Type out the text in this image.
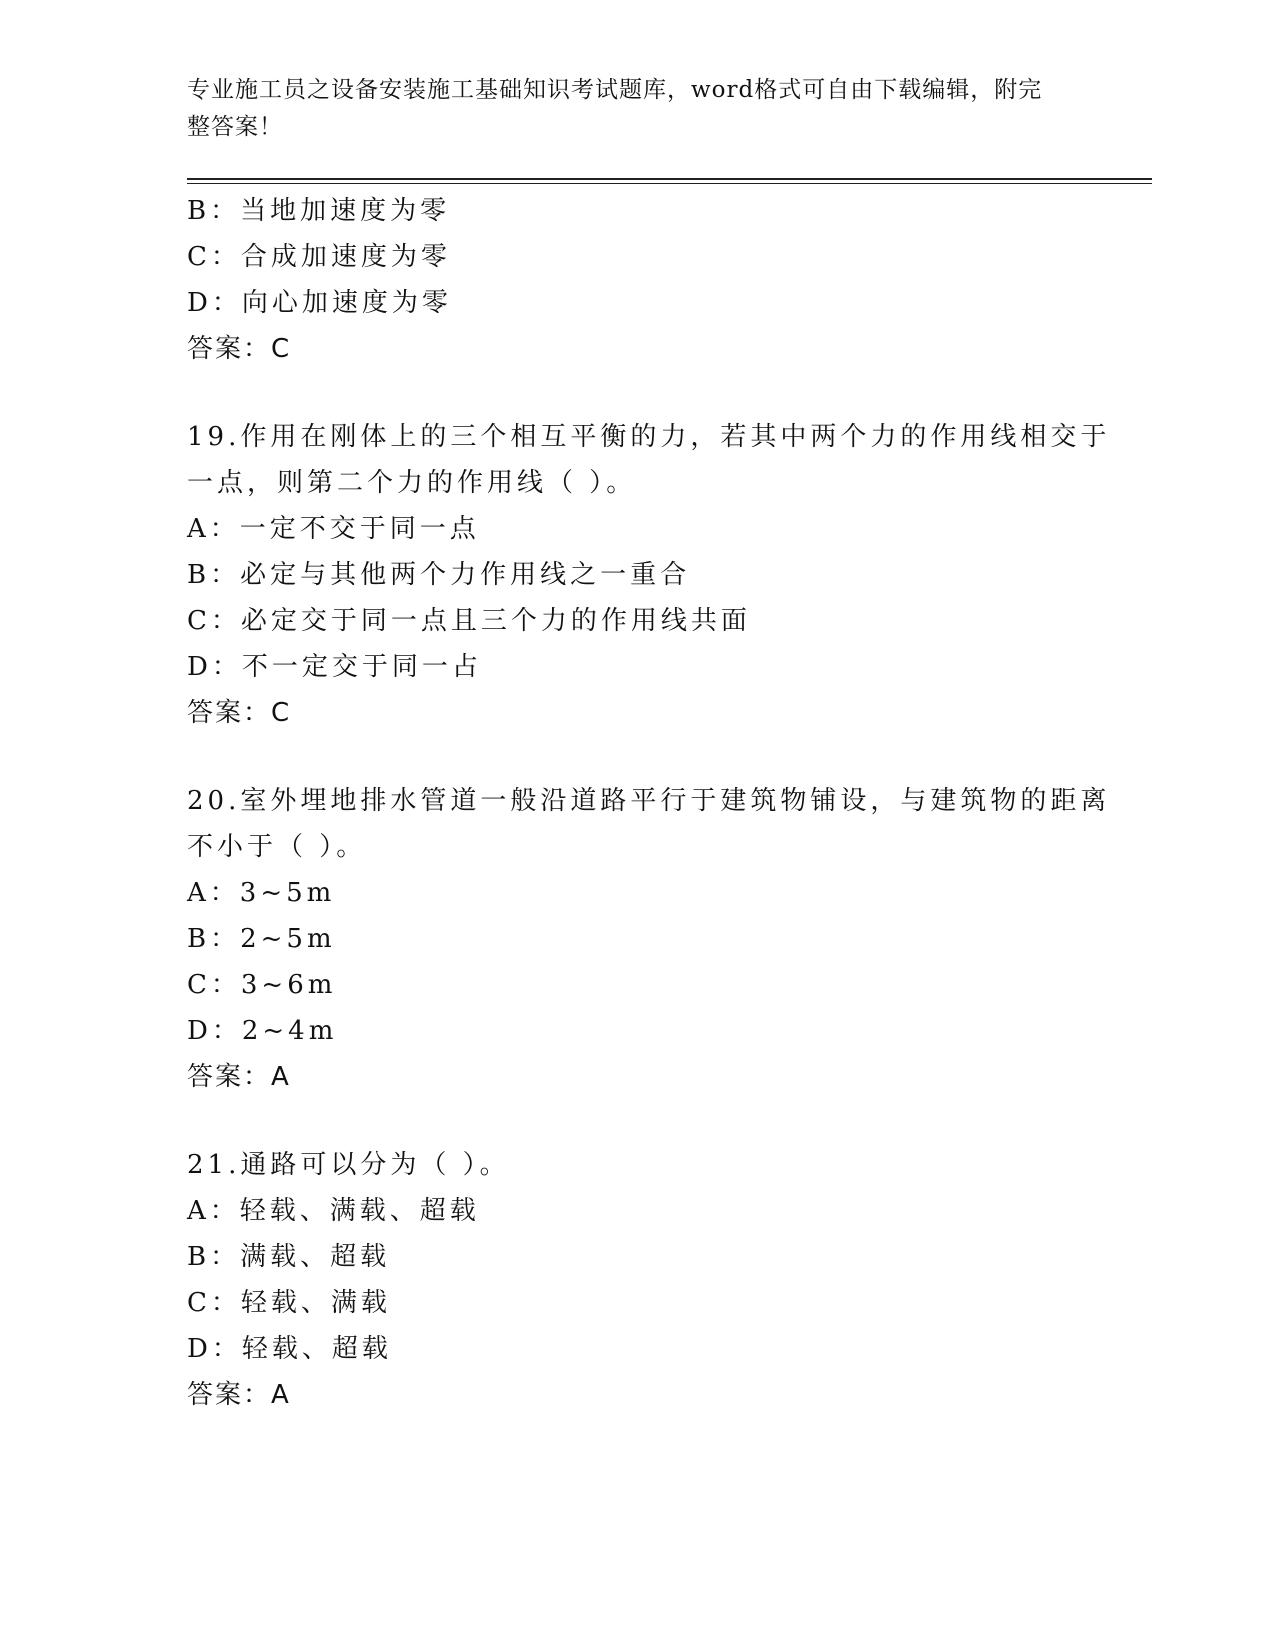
专业施工员之设备安装施工基础知识考试题库，word格式可自由下载编辑，附完
整答案！
B：当地加速度为零
C：合成加速度为零
D：向心加速度为零
答案：C
19.作用在刚体上的三个相互平衡的力，若其中两个力的作用线相交于
一点，则第二个力的作用线（ ）。
A：一定不交于同一点
B：必定与其他两个力作用线之一重合
C：必定交于同一点且三个力的作用线共面
D：不一定交于同一占
答案：C
20.室外埋地排水管道一般沿道路平行于建筑物铺设，与建筑物的距离
不小于（ ）。
A：3~5m
B：2~5m
C：3~6m
D：2~4m
答案：A
21.通路可以分为（ ）。
A：轻载、满载、超载
B：满载、超载
C：轻载、满载
D：轻载、超载
答案：A
